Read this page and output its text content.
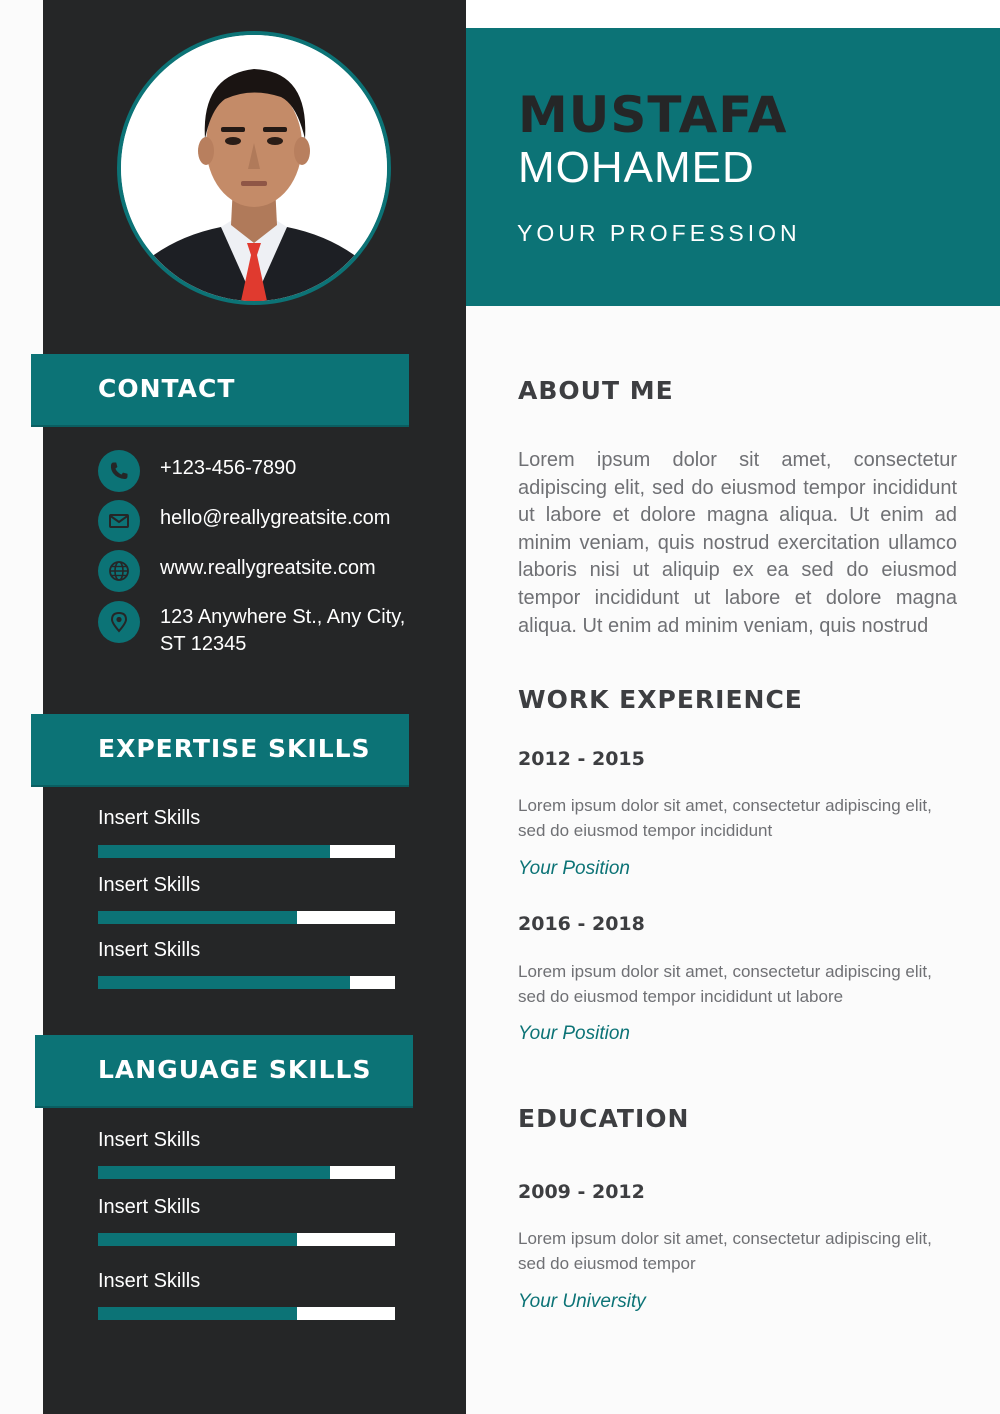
MUSTAFA
MOHAMED

YOUR PROFESSION

CONTACT
+123-456-7890
hello@reallygreatsite.com
www.reallygreatsite.com
123 Anywhere St., Any City,
ST 12345
EXPERTISE SKILLS
Insert Skills
Insert Skills
Insert Skills
LANGUAGE SKILLS
Insert Skills
Insert Skills
Insert Skills
ABOUT ME

Lorem ipsum dolor sit amet, consectetur adipiscing elit, sed do eiusmod tempor incididunt ut labore et dolore magna aliqua. Ut enim ad minim veniam, quis nostrud exercitation ullamco laboris nisi ut aliquip ex ea sed do eiusmod tempor incididunt ut labore et dolore magna aliqua. Ut enim ad minim veniam, quis nostrud

WORK EXPERIENCE

2012 - 2015

Lorem ipsum dolor sit amet, consectetur adipiscing elit, sed do eiusmod tempor incididunt

Your Position

2016 - 2018

Lorem ipsum dolor sit amet, consectetur adipiscing elit, sed do eiusmod tempor incididunt ut labore

Your Position

EDUCATION

2009 - 2012

Lorem ipsum dolor sit amet, consectetur adipiscing elit, sed do eiusmod tempor

Your University
